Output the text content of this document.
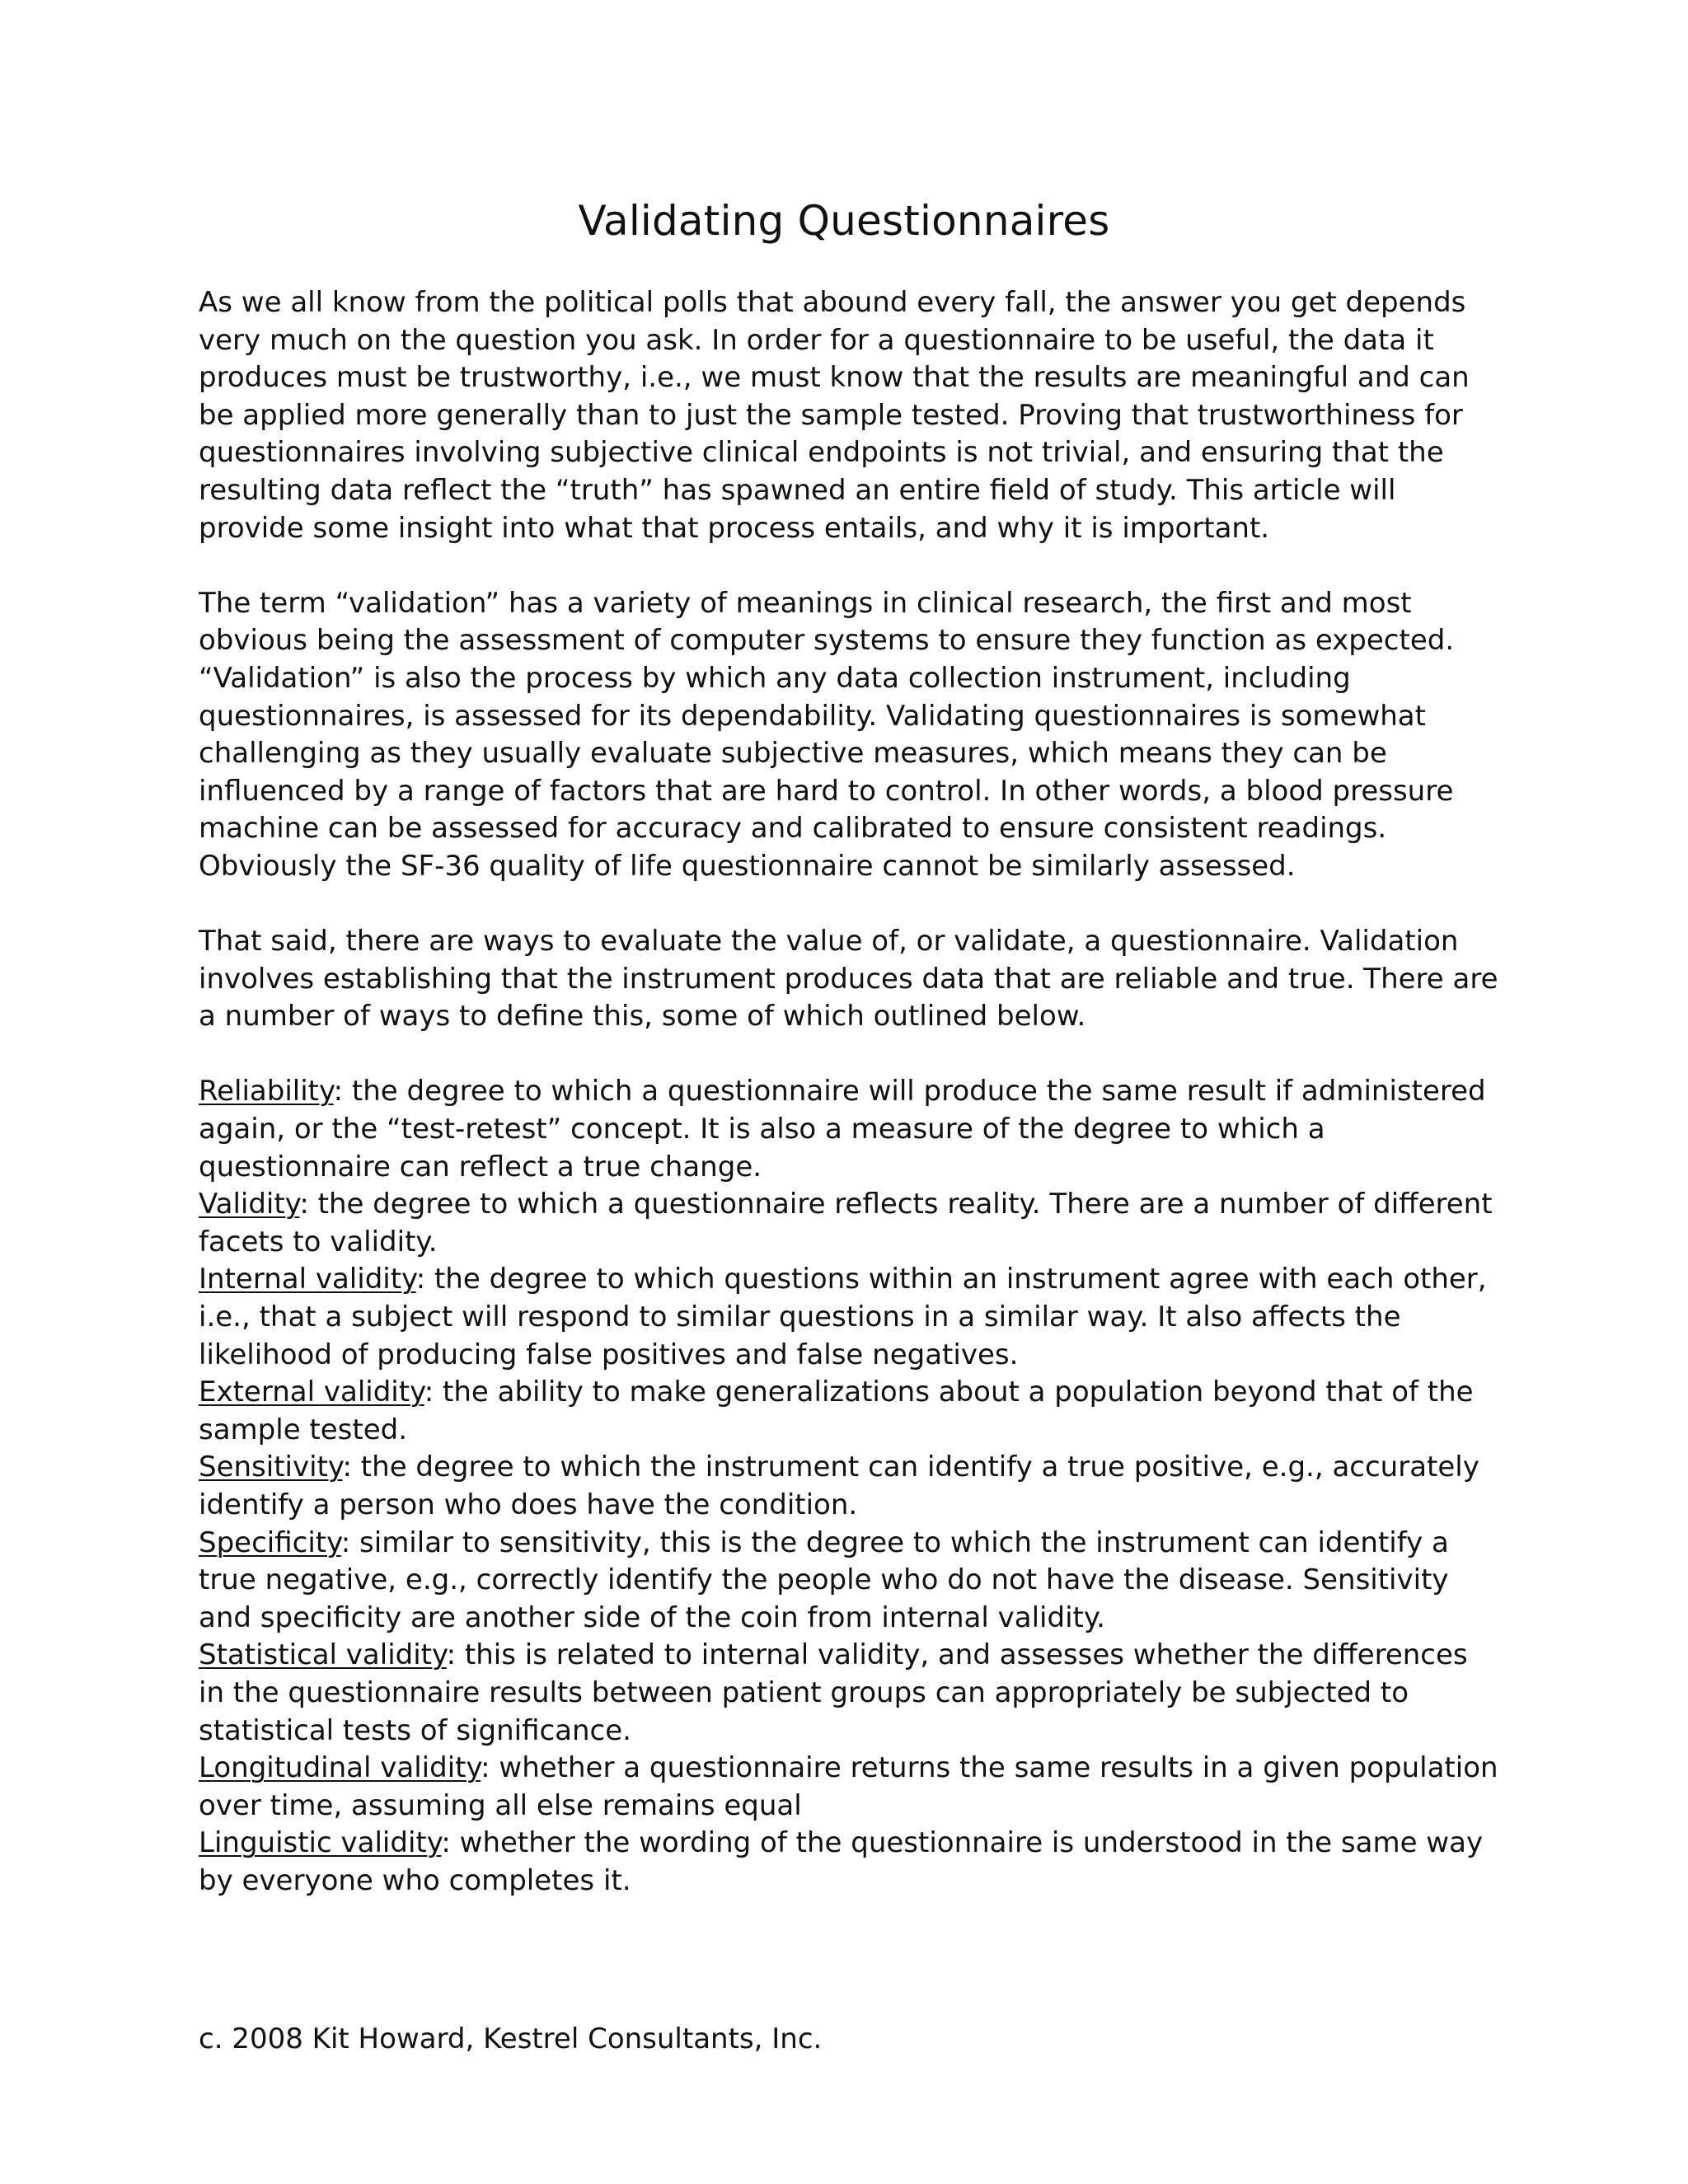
Validating Questionnaires

As we all know from the political polls that abound every fall, the answer you get depends very much on the question you ask. In order for a questionnaire to be useful, the data it produces must be trustworthy, i.e., we must know that the results are meaningful and can be applied more generally than to just the sample tested. Proving that trustworthiness for questionnaires involving subjective clinical endpoints is not trivial, and ensuring that the resulting data reflect the “truth” has spawned an entire field of study. This article will provide some insight into what that process entails, and why it is important.

The term “validation” has a variety of meanings in clinical research, the first and most obvious being the assessment of computer systems to ensure they function as expected. “Validation” is also the process by which any data collection instrument, including questionnaires, is assessed for its dependability. Validating questionnaires is somewhat challenging as they usually evaluate subjective measures, which means they can be influenced by a range of factors that are hard to control. In other words, a blood pressure machine can be assessed for accuracy and calibrated to ensure consistent readings. Obviously the SF-36 quality of life questionnaire cannot be similarly assessed.

That said, there are ways to evaluate the value of, or validate, a questionnaire. Validation involves establishing that the instrument produces data that are reliable and true. There are a number of ways to define this, some of which outlined below.

Reliability: the degree to which a questionnaire will produce the same result if administered again, or the “test-retest” concept. It is also a measure of the degree to which a questionnaire can reflect a true change.

Validity: the degree to which a questionnaire reflects reality. There are a number of different facets to validity.

Internal validity: the degree to which questions within an instrument agree with each other, i.e., that a subject will respond to similar questions in a similar way. It also affects the likelihood of producing false positives and false negatives.

External validity: the ability to make generalizations about a population beyond that of the sample tested.

Sensitivity: the degree to which the instrument can identify a true positive, e.g., accurately identify a person who does have the condition.

Specificity: similar to sensitivity, this is the degree to which the instrument can identify a true negative, e.g., correctly identify the people who do not have the disease. Sensitivity and specificity are another side of the coin from internal validity.

Statistical validity: this is related to internal validity, and assesses whether the differences in the questionnaire results between patient groups can appropriately be subjected to statistical tests of significance.

Longitudinal validity: whether a questionnaire returns the same results in a given population over time, assuming all else remains equal

Linguistic validity: whether the wording of the questionnaire is understood in the same way by everyone who completes it.

c. 2008 Kit Howard, Kestrel Consultants, Inc.
